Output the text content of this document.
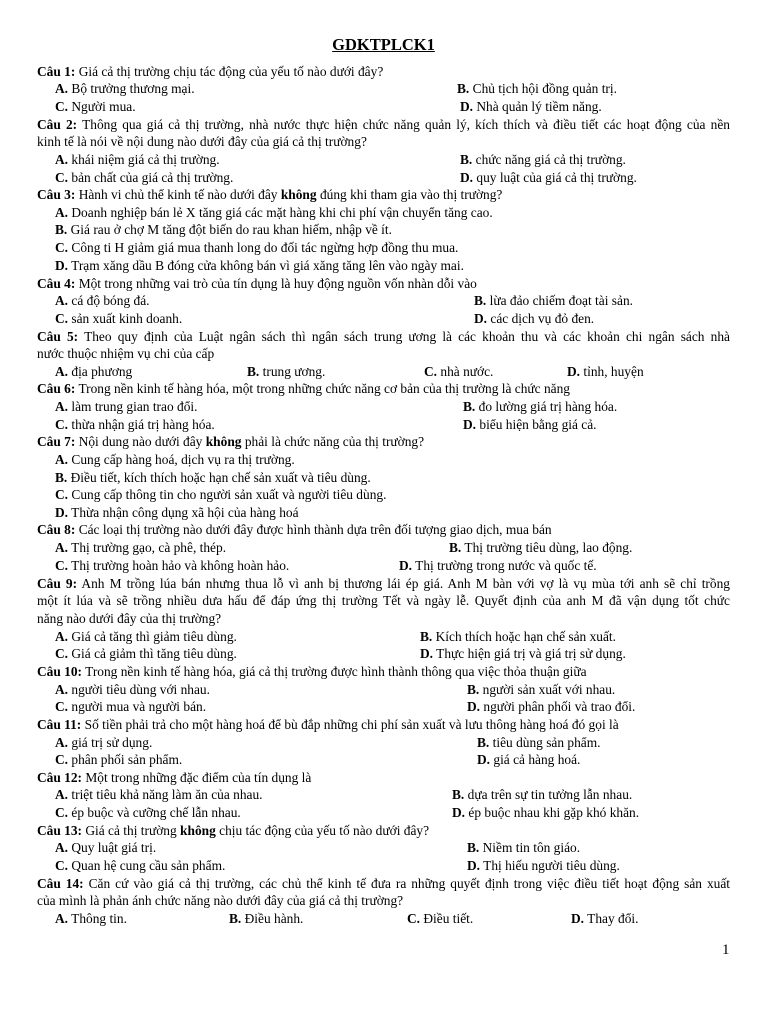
GDKTPLCK1
Câu 1: Giá cả thị trường chịu tác động của yếu tố nào dưới đây?
A. Bộ trưởng thương mại.	B. Chủ tịch hội đồng quản trị.
C. Người mua.	D. Nhà quản lý tiềm năng.
Câu 2: Thông qua giá cả thị trường, nhà nước thực hiện chức năng quản lý, kích thích và điều tiết các hoạt động của nền
kinh tế là nói về nội dung nào dưới đây của giá cả thị trường?
A. khái niệm giá cả thị trường.	B. chức năng giá cả thị trường.
C. bản chất của giá cả thị trường.	D. quy luật của giá cả thị trường.
Câu 3: Hành vi chủ thể kinh tế nào dưới đây không đúng khi tham gia vào thị trường?
A. Doanh nghiệp bán lẻ X tăng giá các mặt hàng khi chi phí vận chuyển tăng cao.
B. Giá rau ở chợ M tăng đột biến do rau khan hiếm, nhập về ít.
C. Công ti H giảm giá mua thanh long do đối tác ngừng hợp đồng thu mua.
D. Trạm xăng dầu B đóng cửa không bán vì giá xăng tăng lên vào ngày mai.
Câu 4: Một trong những vai trò của tín dụng là huy động nguồn vốn nhàn dỗi vào
A. cá độ bóng đá.	B. lừa đảo chiếm đoạt tài sản.
C. sản xuất kinh doanh.	D. các dịch vụ đỏ đen.
Câu 5: Theo quy định của Luật ngân sách thì ngân sách trung ương là các khoản thu và các khoản chi ngân sách nhà
nước thuộc nhiệm vụ chi của cấp
A. địa phương	B. trung ương.	C. nhà nước.	D. tỉnh, huyện
Câu 6: Trong nền kinh tế hàng hóa, một trong những chức năng cơ bản của thị trường là chức năng
A. làm trung gian trao đổi.	B. đo lường giá trị hàng hóa.
C. thừa nhận giá trị hàng hóa.	D. biểu hiện bằng giá cả.
Câu 7: Nội dung nào dưới đây không phải là chức năng của thị trường?
A. Cung cấp hàng hoá, dịch vụ ra thị trường.
B. Điều tiết, kích thích hoặc hạn chế sản xuất và tiêu dùng.
C. Cung cấp thông tin cho người sản xuất và người tiêu dùng.
D. Thừa nhận công dụng xã hội của hàng hoá
Câu 8: Các loại thị trường nào dưới đây được hình thành dựa trên đối tượng giao dịch, mua bán
A. Thị trường gạo, cà phê, thép.	B. Thị trường tiêu dùng, lao động.
C. Thị trường hoàn hảo và không hoàn hảo.	D. Thị trường trong nước và quốc tế.
Câu 9: Anh M trồng lúa bán nhưng thua lỗ vì anh bị thương lái ép giá. Anh M bàn với vợ là vụ mùa tới anh sẽ chỉ trồng
một ít lúa và sẽ trồng nhiều dưa hấu để đáp ứng thị trường Tết và ngày lễ. Quyết định của anh M đã vận dụng tốt chức
năng nào dưới đây của thị trường?
A. Giá cả tăng thì giảm tiêu dùng.	B. Kích thích hoặc hạn chế sản xuất.
C. Giá cả giảm thì tăng tiêu dùng.	D. Thực hiện giá trị và giá trị sử dụng.
Câu 10: Trong nền kinh tế hàng hóa, giá cả thị trường được hình thành thông qua việc thỏa thuận giữa
A. người tiêu dùng với nhau.	B. người sản xuất với nhau.
C. người mua và người bán.	D. người phân phối và trao đổi.
Câu 11: Số tiền phải trả cho một hàng hoá để bù đắp những chi phí sản xuất và lưu thông hàng hoá đó gọi là
A. giá trị sử dụng.	B. tiêu dùng sản phẩm.
C. phân phối sản phẩm.	D. giá cả hàng hoá.
Câu 12: Một trong những đặc điểm của tín dụng là
A. triệt tiêu khả năng làm ăn của nhau.	B. dựa trên sự tin tưởng lẫn nhau.
C. ép buộc và cưỡng chế lẫn nhau.	D. ép buộc nhau khi gặp khó khăn.
Câu 13: Giá cả thị trường không chịu tác động của yếu tố nào dưới đây?
A. Quy luật giá trị.	B. Niềm tin tôn giáo.
C. Quan hệ cung cầu sản phẩm.	D. Thị hiếu người tiêu dùng.
Câu 14: Căn cứ vào giá cả thị trường, các chủ thể kinh tế đưa ra những quyết định trong việc điều tiết hoạt động sản xuất
của mình là phản ánh chức năng nào dưới đây của giá cả thị trường?
A. Thông tin.	B. Điều hành.	C. Điều tiết.	D. Thay đổi.
1
